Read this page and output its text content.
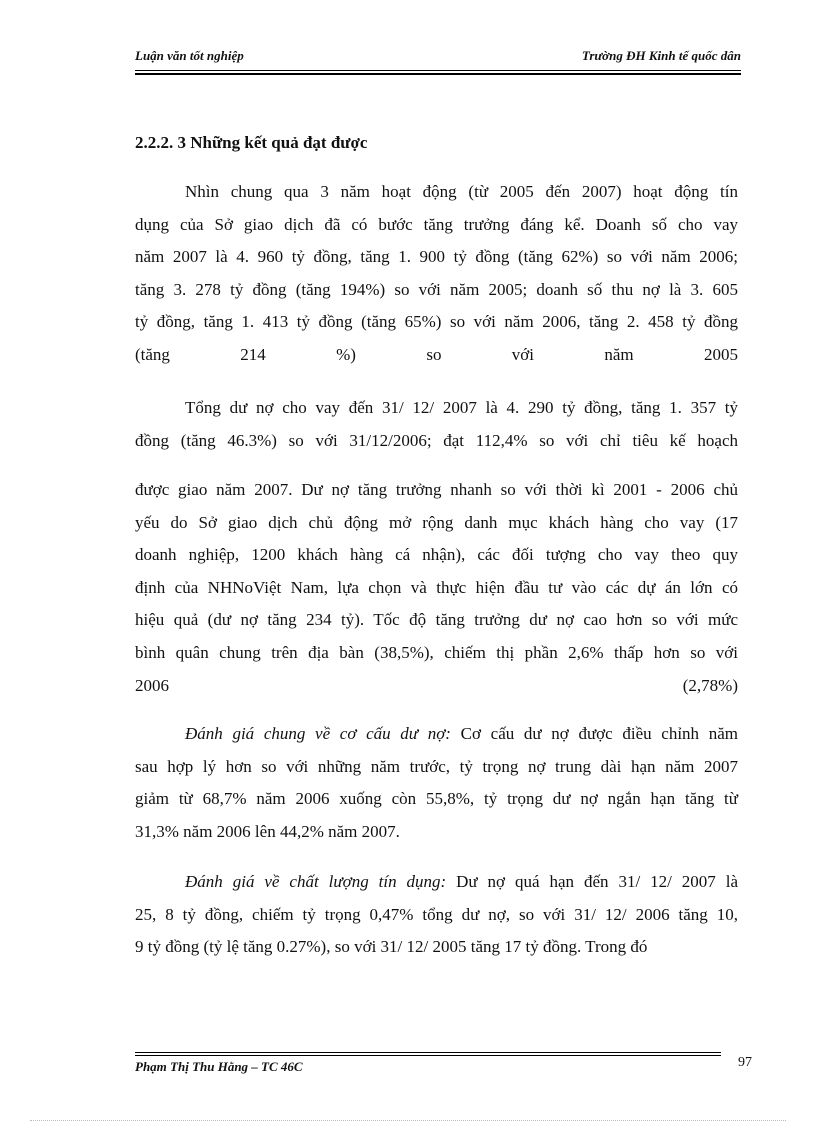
Luận văn tốt nghiệp	Trường ĐH Kinh tế quốc dân
2.2.2. 3 Những kết quả đạt được
Nhìn chung qua 3 năm hoạt động (từ 2005 đến 2007) hoạt động tín
dụng của Sở giao dịch đã có bước tăng trưởng đáng kể. Doanh số cho vay
năm 2007 là 4. 960 tỷ đồng, tăng 1. 900 tỷ đồng (tăng 62%) so với năm 2006;
tăng 3. 278 tỷ đồng (tăng 194%) so với năm 2005; doanh số thu nợ là 3. 605
tỷ đồng, tăng 1. 413 tỷ đồng (tăng 65%) so với năm 2006, tăng 2. 458 tỷ đồng
(tăng 214 %) so với năm 2005
Tổng dư nợ cho vay đến 31/ 12/ 2007 là 4. 290 tỷ đồng, tăng 1. 357 tỷ
đồng (tăng 46.3%) so với 31/12/2006; đạt 112,4% so với chỉ tiêu kế hoạch
được giao năm 2007. Dư nợ tăng trưởng nhanh so với thời kì 2001 - 2006 chủ
yếu do Sở giao dịch chủ động mở rộng danh mục khách hàng cho vay (17
doanh nghiệp, 1200 khách hàng cá nhận), các đối tượng cho vay theo quy
định của NHNoViệt Nam, lựa chọn và thực hiện đầu tư vào các dự án lớn có
hiệu quả (dư nợ tăng 234 tỷ). Tốc độ tăng trưởng dư nợ cao hơn so với mức
bình quân chung trên địa bàn (38,5%), chiếm thị phần 2,6% thấp hơn so với
2006 (2,78%)
Đánh giá chung về cơ cấu dư nợ: Cơ cấu dư nợ được điều chỉnh năm
sau hợp lý hơn so với những năm trước, tỷ trọng nợ trung dài hạn năm 2007
giảm từ 68,7% năm 2006 xuống còn 55,8%, tỷ trọng dư nợ ngắn hạn tăng từ
31,3% năm 2006 lên 44,2% năm 2007.
Đánh giá về chất lượng tín dụng: Dư nợ quá hạn đến 31/ 12/ 2007 là
25, 8 tỷ đồng, chiếm tỷ trọng 0,47% tổng dư nợ, so với 31/ 12/ 2006 tăng 10,
9 tỷ đồng (tỷ lệ tăng 0.27%), so với 31/ 12/ 2005 tăng 17 tỷ đồng. Trong đó
Phạm Thị Thu Hằng – TC 46C	97
